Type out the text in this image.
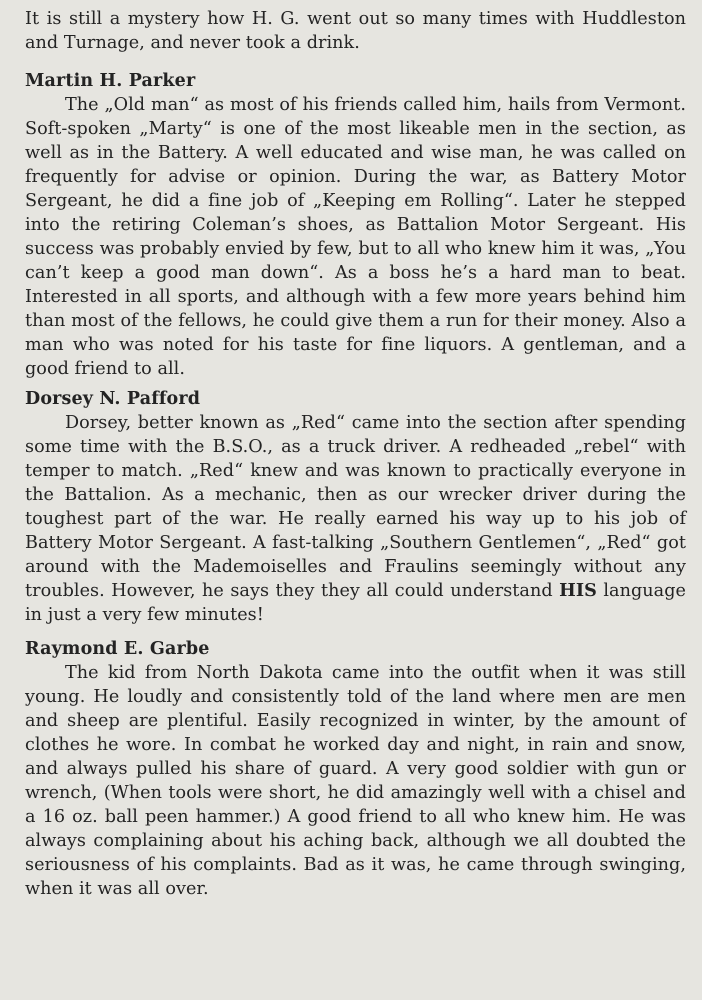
It is still a mystery how H. G. went out so many times with Huddleston and Turnage, and never took a drink.

Martin H. Parker

The „Old man“ as most of his friends called him, hails from Vermont. Soft-spoken „Marty“ is one of the most likeable men in the section, as well as in the Battery. A well educated and wise man, he was called on frequently for advise or opinion. During the war, as Battery Motor Sergeant, he did a fine job of „Keeping em Rolling“. Later he stepped into the retiring Coleman’s shoes, as Battalion Motor Sergeant. His success was probably envied by few, but to all who knew him it was, „You can’t keep a good man down“. As a boss he’s a hard man to beat. Interested in all sports, and although with a few more years behind him than most of the fellows, he could give them a run for their money. Also a man who was noted for his taste for fine liquors. A gentleman, and a good friend to all.

Dorsey N. Pafford

Dorsey, better known as „Red“ came into the section after spending some time with the B.S.O., as a truck driver. A redheaded „rebel“ with temper to match. „Red“ knew and was known to practically everyone in the Battalion. As a mechanic, then as our wrecker driver during the toughest part of the war. He really earned his way up to his job of Battery Motor Sergeant. A fast-talking „Southern Gentlemen“, „Red“ got around with the Mademoiselles and Fraulins seemingly without any troubles. However, he says they they all could understand HIS language in just a very few minutes!

Raymond E. Garbe

The kid from North Dakota came into the outfit when it was still young. He loudly and consistently told of the land where men are men and sheep are plentiful. Easily recognized in winter, by the amount of clothes he wore. In combat he worked day and night, in rain and snow, and always pulled his share of guard. A very good soldier with gun or wrench, (When tools were short, he did amazingly well with a chisel and a 16 oz. ball peen hammer.) A good friend to all who knew him. He was always complaining about his aching back, although we all doubted the seriousness of his complaints. Bad as it was, he came through swinging, when it was all over.
